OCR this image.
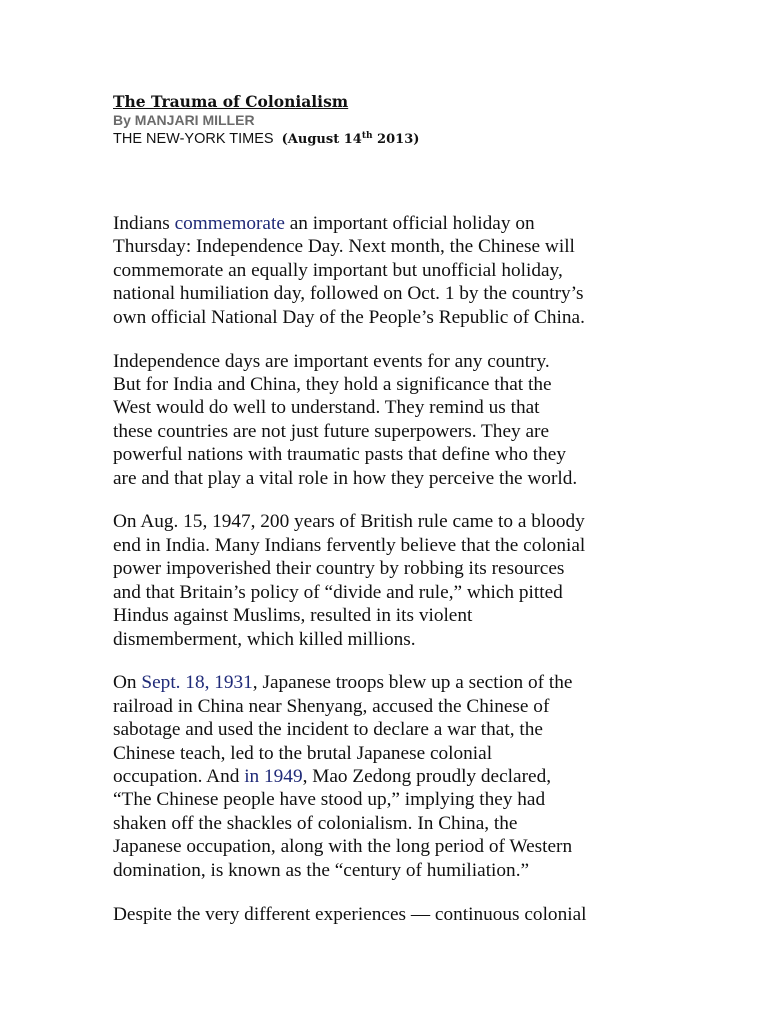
The Trauma of Colonialism
By MANJARI MILLER
THE NEW-YORK TIMES (August 14th 2013)

Indians commemorate an important official holiday on
Thursday: Independence Day. Next month, the Chinese will
commemorate an equally important but unofficial holiday,
national humiliation day, followed on Oct. 1 by the country’s
own official National Day of the People’s Republic of China.

Independence days are important events for any country.
But for India and China, they hold a significance that the
West would do well to understand. They remind us that
these countries are not just future superpowers. They are
powerful nations with traumatic pasts that define who they
are and that play a vital role in how they perceive the world.

On Aug. 15, 1947, 200 years of British rule came to a bloody
end in India. Many Indians fervently believe that the colonial
power impoverished their country by robbing its resources
and that Britain’s policy of “divide and rule,” which pitted
Hindus against Muslims, resulted in its violent
dismemberment, which killed millions.

On Sept. 18, 1931, Japanese troops blew up a section of the
railroad in China near Shenyang, accused the Chinese of
sabotage and used the incident to declare a war that, the
Chinese teach, led to the brutal Japanese colonial
occupation. And in 1949, Mao Zedong proudly declared,
“The Chinese people have stood up,” implying they had
shaken off the shackles of colonialism. In China, the
Japanese occupation, along with the long period of Western
domination, is known as the “century of humiliation.”

Despite the very different experiences — continuous colonial
